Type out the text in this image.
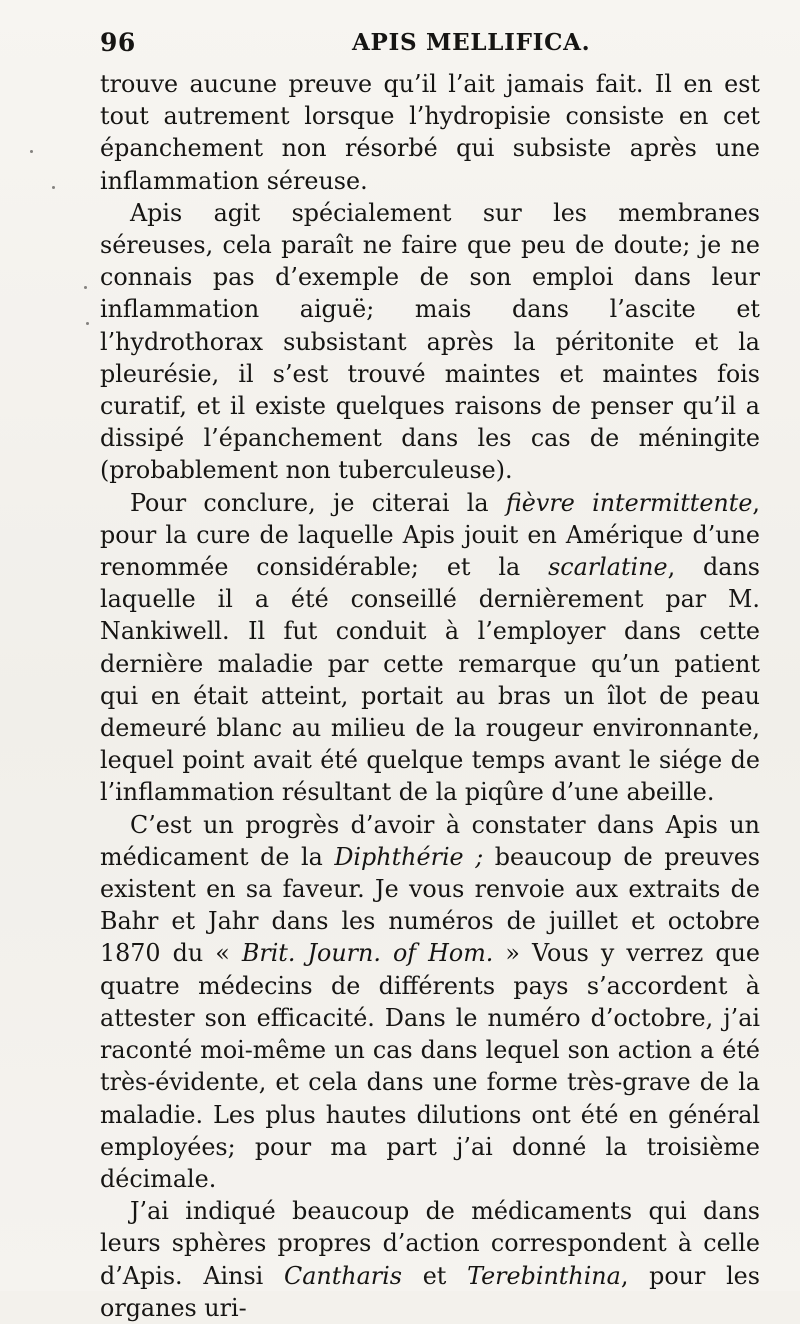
96	APIS MELLIFICA.

trouve aucune preuve qu’il l’ait jamais fait. Il en est tout autrement lorsque l’hydropisie consiste en cet épanchement non résorbé qui subsiste après une inflammation séreuse.

Apis agit spécialement sur les membranes séreuses, cela paraît ne faire que peu de doute; je ne connais pas d’exemple de son emploi dans leur inflammation aiguë; mais dans l’ascite et l’hydrothorax subsistant après la péritonite et la pleurésie, il s’est trouvé maintes et maintes fois curatif, et il existe quelques raisons de penser qu’il a dissipé l’épanchement dans les cas de méningite (probablement non tuberculeuse).

Pour conclure, je citerai la fièvre intermittente, pour la cure de laquelle Apis jouit en Amérique d’une renommée considérable; et la scarlatine, dans laquelle il a été conseillé dernièrement par M. Nankiwell. Il fut conduit à l’employer dans cette dernière maladie par cette remarque qu’un patient qui en était atteint, portait au bras un îlot de peau demeuré blanc au milieu de la rougeur environnante, lequel point avait été quelque temps avant le siége de l’inflammation résultant de la piqûre d’une abeille.

C’est un progrès d’avoir à constater dans Apis un médicament de la Diphthérie ; beaucoup de preuves existent en sa faveur. Je vous renvoie aux extraits de Bahr et Jahr dans les numéros de juillet et octobre 1870 du « Brit. Journ. of Hom. » Vous y verrez que quatre médecins de différents pays s’accordent à attester son efficacité. Dans le numéro d’octobre, j’ai raconté moi-même un cas dans lequel son action a été très-évidente, et cela dans une forme très-grave de la maladie. Les plus hautes dilutions ont été en général employées; pour ma part j’ai donné la troisième décimale.

J’ai indiqué beaucoup de médicaments qui dans leurs sphères propres d’action correspondent à celle d’Apis. Ainsi Cantharis et Terebinthina, pour les organes uri-
